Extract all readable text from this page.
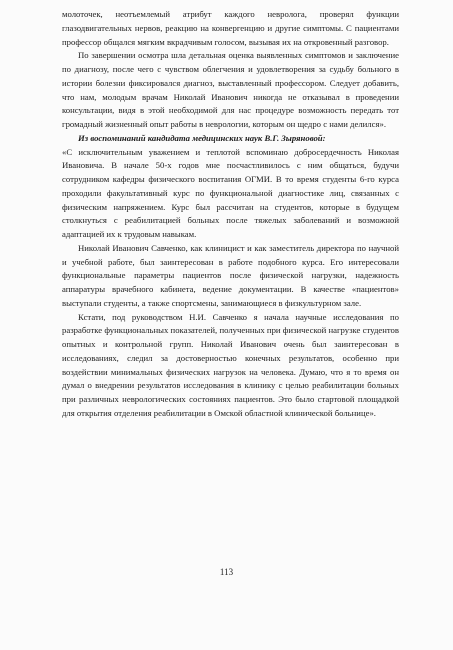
молоточек, неотъемлемый атрибут каждого невролога, проверял функции глазодвигательных нервов, реакцию на конвергенцию и другие симптомы. С пациентами профессор общался мягким вкрадчивым голосом, вызывая их на откровенный разговор.

По завершении осмотра шла детальная оценка выявленных симптомов и заключение по диагнозу, после чего с чувством облегчения и удовлетворения за судьбу больного в истории болезни фиксировался диагноз, выставленный профессором. Следует добавить, что нам, молодым врачам Николай Иванович никогда не отказывал в проведении консультации, видя в этой необходимой для нас процедуре возможность передать тот громадный жизненный опыт работы в неврологии, которым он щедро с нами делился».

Из воспоминаний кандидата медицинских наук В.Г. Зыряновой:
«С исключительным уважением и теплотой вспоминаю добросердечность Николая Ивановича. В начале 50-х годов мне посчастливилось с ним общаться, будучи сотрудником кафедры физического воспитания ОГМИ. В то время студенты 6-го курса проходили факультативный курс по функциональной диагностике лиц, связанных с физическим напряжением. Курс был рассчитан на студентов, которые в будущем столкнуться с реабилитацией больных после тяжелых заболеваний и возможной адаптацией их к трудовым навыкам.

Николай Иванович Савченко, как клиницист и как заместитель директора по научной и учебной работе, был заинтересован в работе подобного курса. Его интересовали функциональные параметры пациентов после физической нагрузки, надежность аппаратуры врачебного кабинета, ведение документации. В качестве «пациентов» выступали студенты, а также спортсмены, занимающиеся в физкультурном зале.

Кстати, под руководством Н.И. Савченко я начала научные исследования по разработке функциональных показателей, полученных при физической нагрузке студентов опытных и контрольной групп. Николай Иванович очень был заинтересован в исследованиях, следил за достоверностью конечных результатов, особенно при воздействии минимальных физических нагрузок на человека. Думаю, что я то время он думал о внедрении результатов исследования в клинику с целью реабилитации больных при различных неврологических состояниях пациентов. Это было стартовой площадкой для открытия отделения реабилитации в Омской областной клинической больнице».

113
